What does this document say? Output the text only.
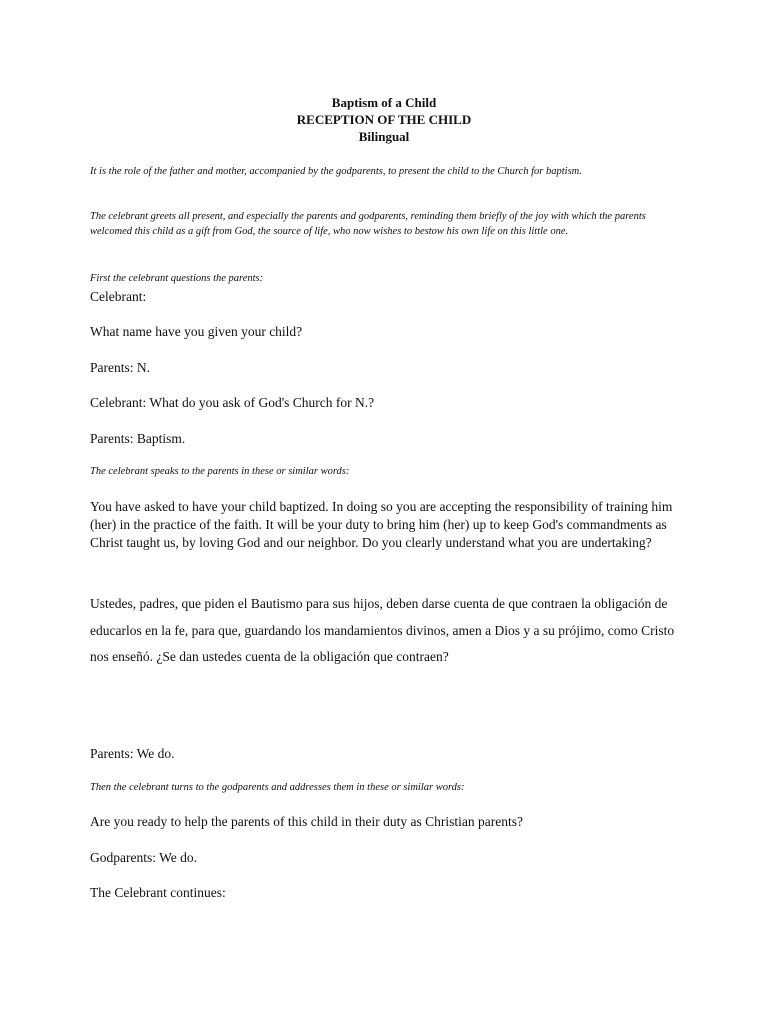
Baptism of a Child

RECEPTION OF THE CHILD

Bilingual

It is the role of the father and mother, accompanied by the godparents, to present the child to the Church for baptism.

The celebrant greets all present, and especially the parents and godparents, reminding them briefly of the joy with which the parents welcomed this child as a gift from God, the source of life, who now wishes to bestow his own life on this little one.

First the celebrant questions the parents:

Celebrant:

What name have you given your child?

Parents: N.

Celebrant: What do you ask of God's Church for N.?

Parents: Baptism.

The celebrant speaks to the parents in these or similar words:

You have asked to have your child baptized. In doing so you are accepting the responsibility of training him (her) in the practice of the faith. It will be your duty to bring him (her) up to keep God's commandments as Christ taught us, by loving God and our neighbor. Do you clearly understand what you are undertaking?

Ustedes, padres, que piden el Bautismo para sus hijos, deben darse cuenta de que contraen la obligación de educarlos en la fe, para que, guardando los mandamientos divinos, amen a Dios y a su prójimo, como Cristo nos enseñó. ¿Se dan ustedes cuenta de la obligación que contraen?

Parents: We do.

Then the celebrant turns to the godparents and addresses them in these or similar words:

Are you ready to help the parents of this child in their duty as Christian parents?

Godparents: We do.

The Celebrant continues:
